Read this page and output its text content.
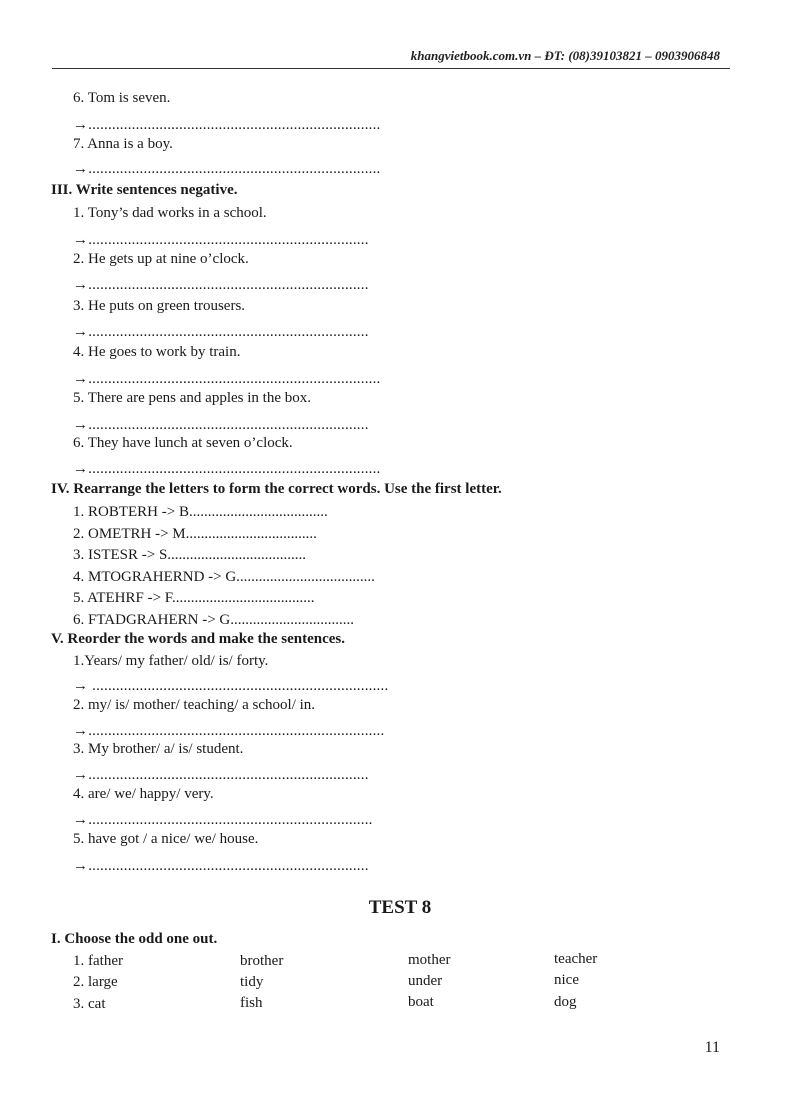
khangvietbook.com.vn – ĐT: (08)39103821 – 0903906848
6. Tom is seven.
→..........................................................................
7. Anna is a boy.
→..........................................................................
III. Write sentences negative.
1. Tony’s dad works in a school.
→.......................................................................
2. He gets up at nine o’clock.
→.......................................................................
3. He puts on green trousers.
→.......................................................................
4. He goes to work by train.
→..........................................................................
5. There are pens and apples in the box.
→.......................................................................
6. They have lunch at seven o’clock.
→..........................................................................
IV. Rearrange the letters to form the correct words. Use the first letter.
1. ROBTERH -> B.....................................
2. OMETRH -> M...................................
3. ISTESR -> S.....................................
4. MTOGRAHERND -> G.....................................
5. ATEHRF -> F......................................
6. FTADGRAHERN -> G.................................
V. Reorder the words and make the sentences.
1.Years/ my father/ old/ is/ forty.
→ ...........................................................................
2. my/ is/ mother/ teaching/ a school/ in.
→...........................................................................
3. My brother/ a/ is/ student.
→.......................................................................
4. are/ we/ happy/ very.
→........................................................................
5. have got / a nice/ we/ house.
→.......................................................................
TEST 8
I. Choose the odd one out.
1. father	brother	mother	teacher
2. large	tidy	under	nice
3. cat	fish	boat	dog
11
